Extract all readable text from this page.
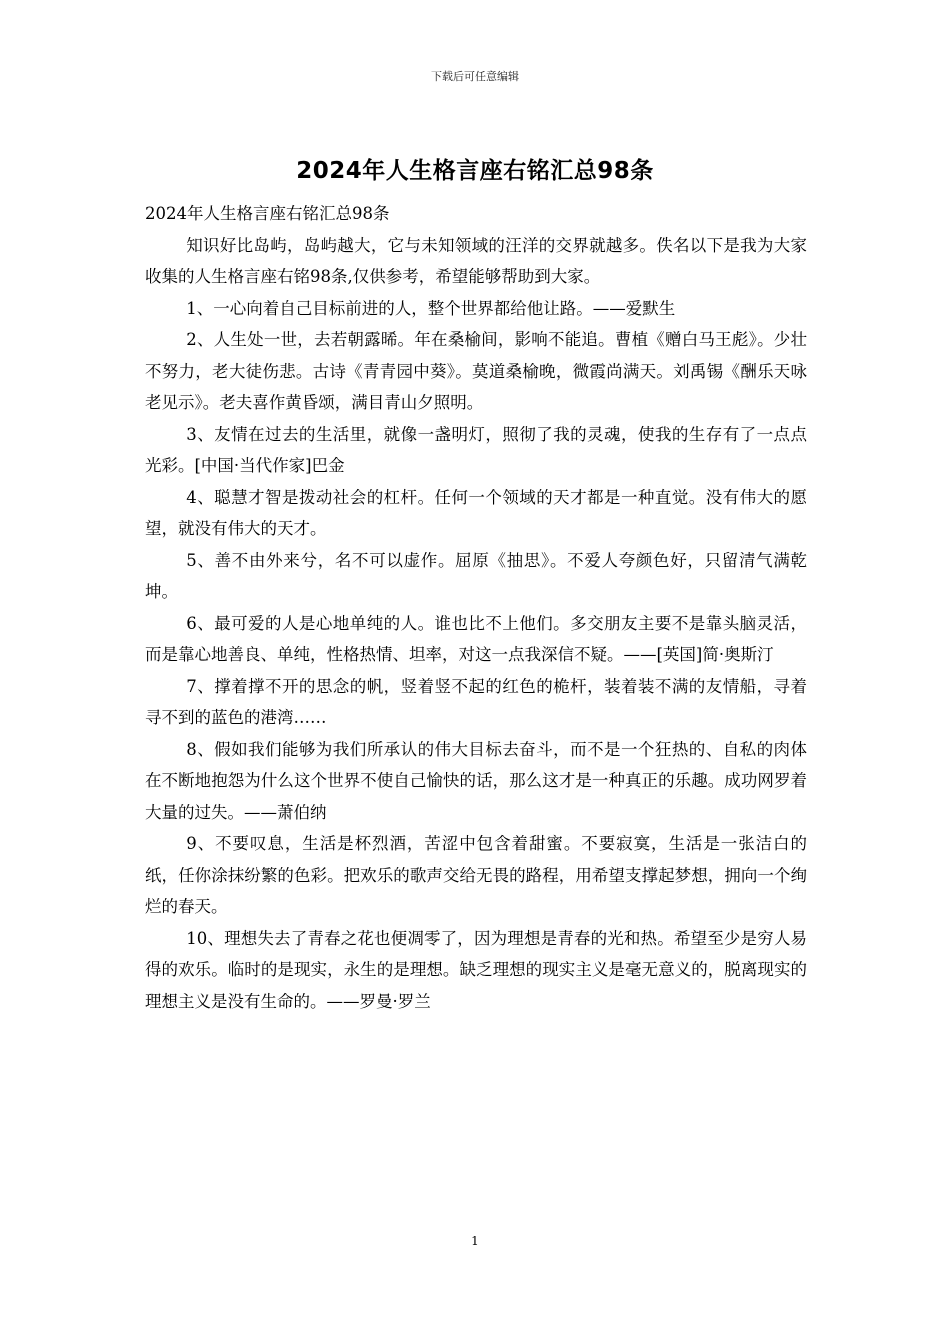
下载后可任意编辑
2024年人生格言座右铭汇总98条

2024年人生格言座右铭汇总98条

知识好比岛屿，岛屿越大，它与未知领域的汪洋的交界就越多。佚名以下是我为大家收集的人生格言座右铭98条,仅供参考，希望能够帮助到大家。

1、一心向着自己目标前进的人，整个世界都给他让路。——爱默生

2、人生处一世，去若朝露晞。年在桑榆间，影响不能追。曹植《赠白马王彪》。少壮不努力，老大徒伤悲。古诗《青青园中葵》。莫道桑榆晚，微霞尚满天。刘禹锡《酬乐天咏老见示》。老夫喜作黄昏颂，满目青山夕照明。

3、友情在过去的生活里，就像一盏明灯，照彻了我的灵魂，使我的生存有了一点点光彩。[中国·当代作家]巴金

4、聪慧才智是拨动社会的杠杆。任何一个领域的天才都是一种直觉。没有伟大的愿望，就没有伟大的天才。

5、善不由外来兮，名不可以虚作。屈原《抽思》。不爱人夸颜色好，只留清气满乾坤。

6、最可爱的人是心地单纯的人。谁也比不上他们。多交朋友主要不是靠头脑灵活，而是靠心地善良、单纯，性格热情、坦率，对这一点我深信不疑。——[英国]简·奥斯汀

7、撑着撑不开的思念的帆，竖着竖不起的红色的桅杆，装着装不满的友情船，寻着寻不到的蓝色的港湾……

8、假如我们能够为我们所承认的伟大目标去奋斗，而不是一个狂热的、自私的肉体在不断地抱怨为什么这个世界不使自己愉快的话，那么这才是一种真正的乐趣。成功网罗着大量的过失。——萧伯纳

9、不要叹息，生活是杯烈酒，苦涩中包含着甜蜜。不要寂寞，生活是一张洁白的纸，任你涂抹纷繁的色彩。把欢乐的歌声交给无畏的路程，用希望支撑起梦想，拥向一个绚烂的春天。

10、理想失去了青春之花也便凋零了，因为理想是青春的光和热。希望至少是穷人易得的欢乐。临时的是现实，永生的是理想。缺乏理想的现实主义是毫无意义的，脱离现实的理想主义是没有生命的。——罗曼·罗兰

1
